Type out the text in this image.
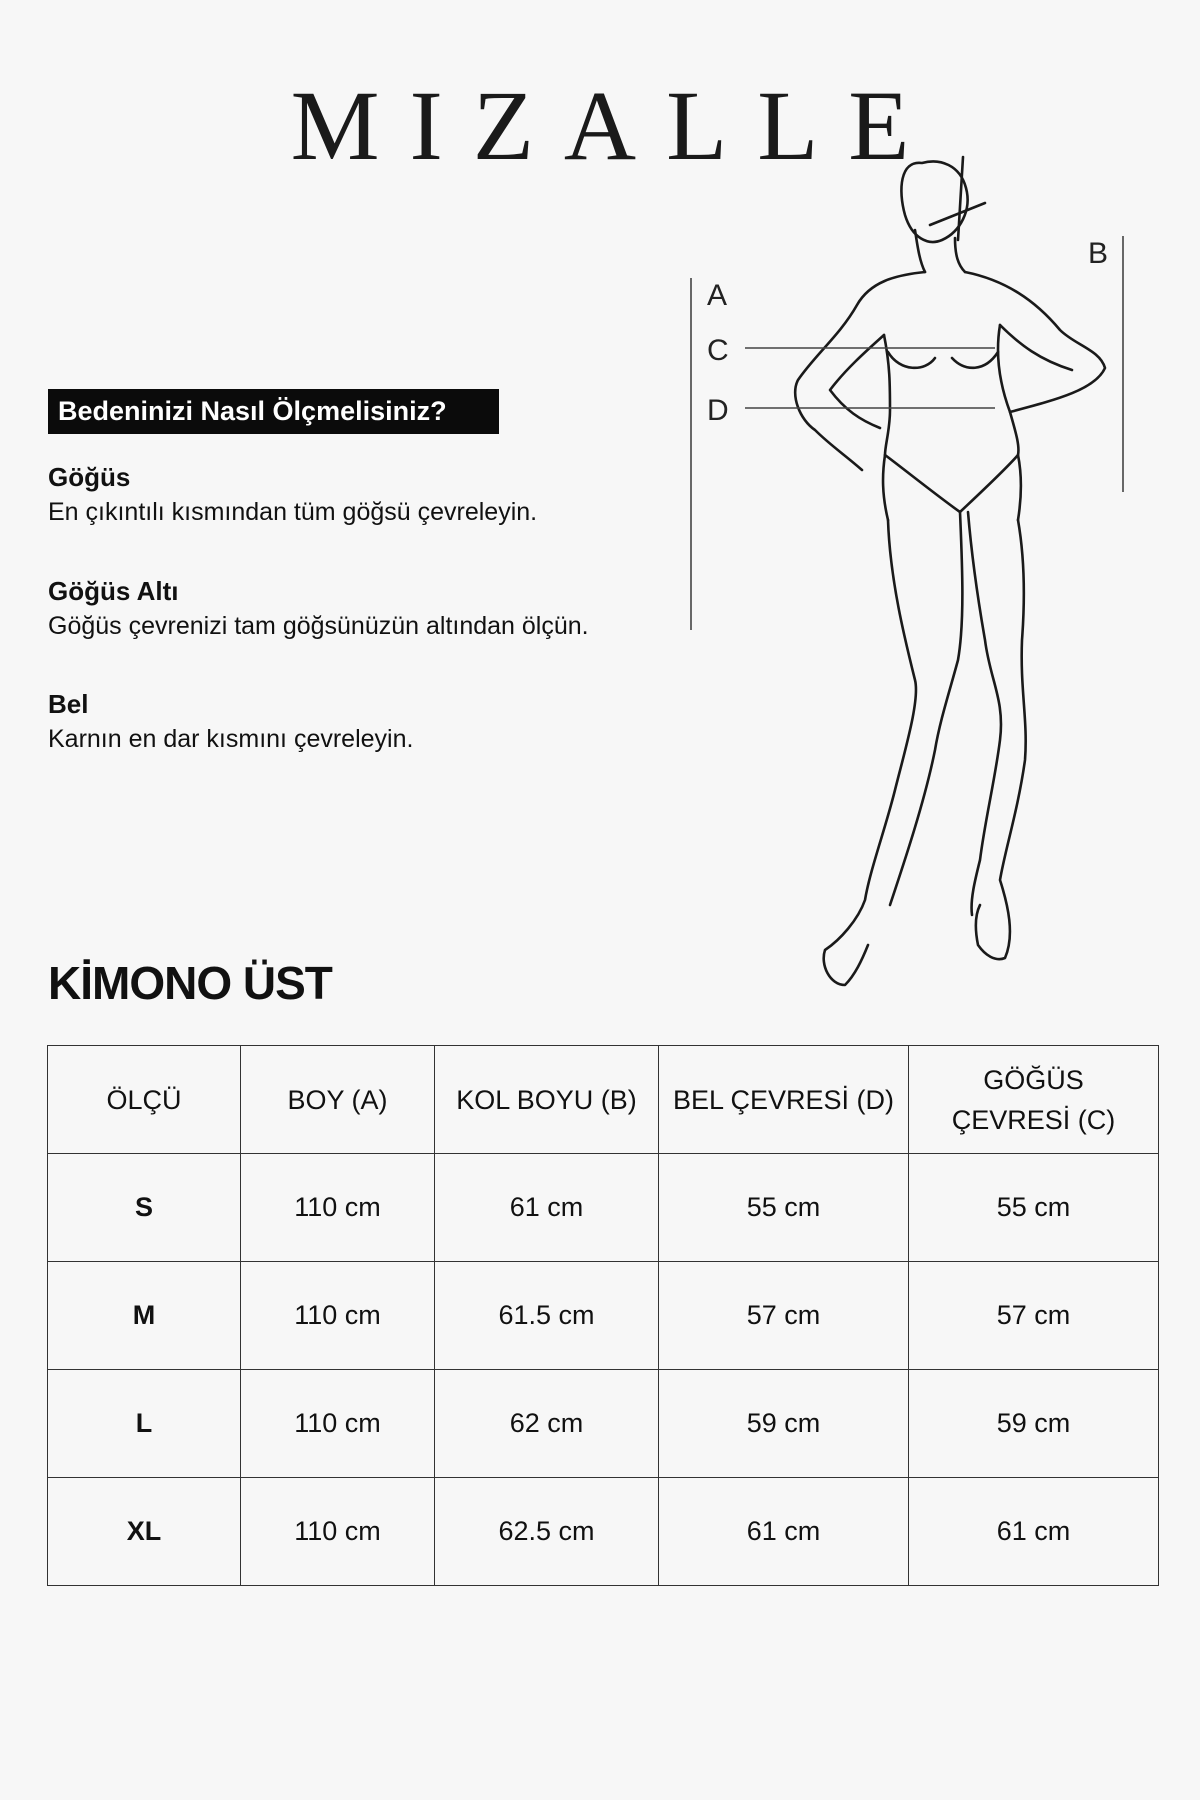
MIZALLE
Bedeninizi Nasıl Ölçmelisiniz?
Göğüs

En çıkıntılı kısmından tüm göğsü çevreleyin.

Göğüs Altı

Göğüs çevrenizi tam göğsünüzün altından ölçün.

Bel

Karnın en dar kısmını çevreleyin.

A
C
D
B
KİMONO ÜST
ÖLÇÜ	BOY (A)	KOL BOYU (B)	BEL ÇEVRESİ (D)	GÖĞÜS
ÇEVRESİ (C)
S	110 cm	61 cm	55 cm	55 cm
M	110 cm	61.5 cm	57 cm	57 cm
L	110 cm	62 cm	59 cm	59 cm
XL	110 cm	62.5 cm	61 cm	61 cm
